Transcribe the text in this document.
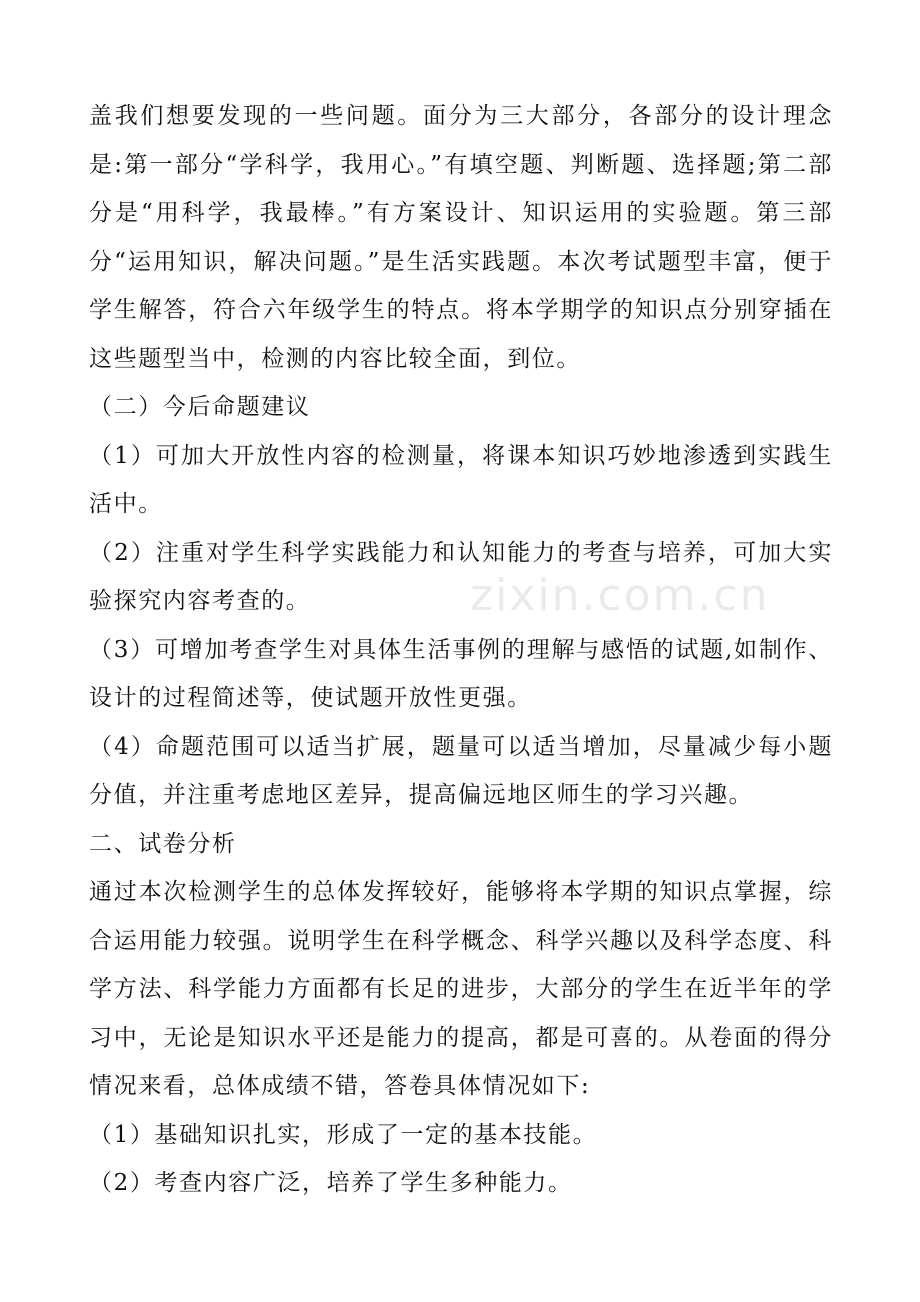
盖我们想要发现的一些问题。面分为三大部分，各部分的设计理念是:第一部分“学科学，我用心。”有填空题、判断题、选择题;第二部分是“用科学，我最棒。”有方案设计、知识运用的实验题。第三部分“运用知识，解决问题。”是生活实践题。本次考试题型丰富，便于学生解答，符合六年级学生的特点。将本学期学的知识点分别穿插在这些题型当中，检测的内容比较全面，到位。

（二）今后命题建议

（1）可加大开放性内容的检测量，将课本知识巧妙地渗透到实践生活中。

（2）注重对学生科学实践能力和认知能力的考查与培养，可加大实验探究内容考查的。

（3）可增加考查学生对具体生活事例的理解与感悟的试题,如制作、设计的过程简述等，使试题开放性更强。

（4）命题范围可以适当扩展，题量可以适当增加，尽量减少每小题分值，并注重考虑地区差异，提高偏远地区师生的学习兴趣。

二、试卷分析

通过本次检测学生的总体发挥较好，能够将本学期的知识点掌握，综合运用能力较强。说明学生在科学概念、科学兴趣以及科学态度、科学方法、科学能力方面都有长足的进步，大部分的学生在近半年的学习中，无论是知识水平还是能力的提高，都是可喜的。从卷面的得分情况来看，总体成绩不错，答卷具体情况如下:

（1）基础知识扎实，形成了一定的基本技能。

（2）考查内容广泛，培养了学生多种能力。

zixin.com.cn
